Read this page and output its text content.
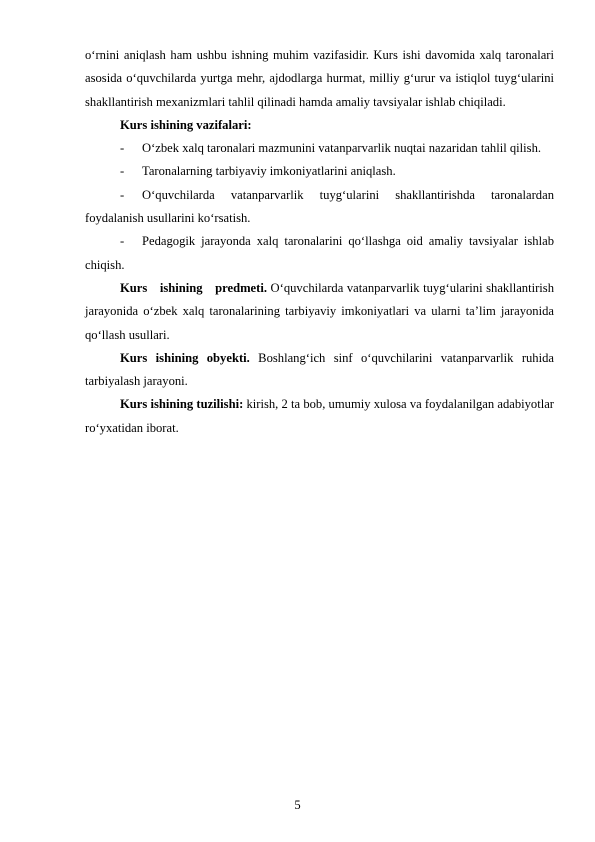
o‘rnini aniqlash ham ushbu ishning muhim vazifasidir. Kurs ishi davomida xalq taronalari asosida o‘quvchilarda yurtga mehr, ajdodlarga hurmat, milliy g‘urur va istiqlol tuyg‘ularini shakllantirish mexanizmlari tahlil qilinadi hamda amaliy tavsiyalar ishlab chiqiladi.

Kurs ishining vazifalari:

- O‘zbek xalq taronalari mazmunini vatanparvarlik nuqtai nazaridan tahlil qilish.

- Taronalarning tarbiyaviy imkoniyatlarini aniqlash.

- O‘quvchilarda vatanparvarlik tuyg‘ularini shakllantirishda taronalardan foydalanish usullarini ko‘rsatish.

- Pedagogik jarayonda xalq taronalarini qo‘llashga oid amaliy tavsiyalar ishlab chiqish.

Kurs ishining predmeti. O‘quvchilarda vatanparvarlik tuyg‘ularini shakllantirish jarayonida o‘zbek xalq taronalarining tarbiyaviy imkoniyatlari va ularni ta’lim jarayonida qo‘llash usullari.

Kurs ishining obyekti. Boshlang‘ich sinf o‘quvchilarini vatanparvarlik ruhida tarbiyalash jarayoni.

Kurs ishining tuzilishi: kirish, 2 ta bob, umumiy xulosa va foydalanilgan adabiyotlar ro‘yxatidan iborat.

5
